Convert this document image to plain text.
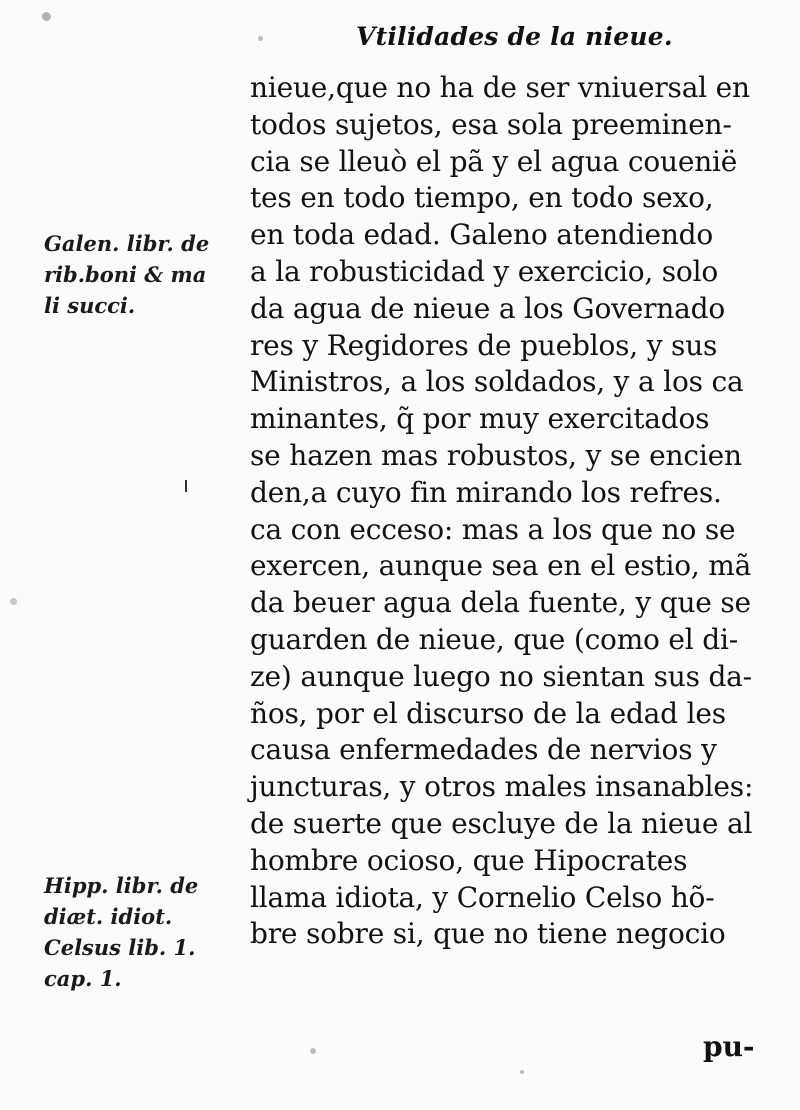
Vtilidades de la nieue.
Galen. libr. de
rib.boni & ma
li succi.
Hipp. libr. de
diæt. idiot.
Celsus lib. 1.
cap. 1.
nieue,que no ha de ser vniuersal en
todos sujetos, esa sola preeminen-
cia se lleuò el pã y el agua couenië
tes en todo tiempo, en todo sexo,
en toda edad. Galeno atendiendo
a la robusticidad y exercicio, solo
da agua de nieue a los Governado
res y Regidores de pueblos, y sus
Ministros, a los soldados, y a los ca
minantes, q̃ por muy exercitados
se hazen mas robustos, y se encien
den,a cuyo fin mirando los refres.
ca con ecceso: mas a los que no se
exercen, aunque sea en el estio, mã
da beuer agua dela fuente, y que se
guarden de nieue, que (como el di-
ze) aunque luego no sientan sus da-
ños, por el discurso de la edad les
causa enfermedades de nervios y
juncturas, y otros males insanables:
de suerte que escluye de la nieue al
hombre ocioso, que Hipocrates
llama idiota, y Cornelio Celso hõ-
bre sobre si, que no tiene negocio
pu-
